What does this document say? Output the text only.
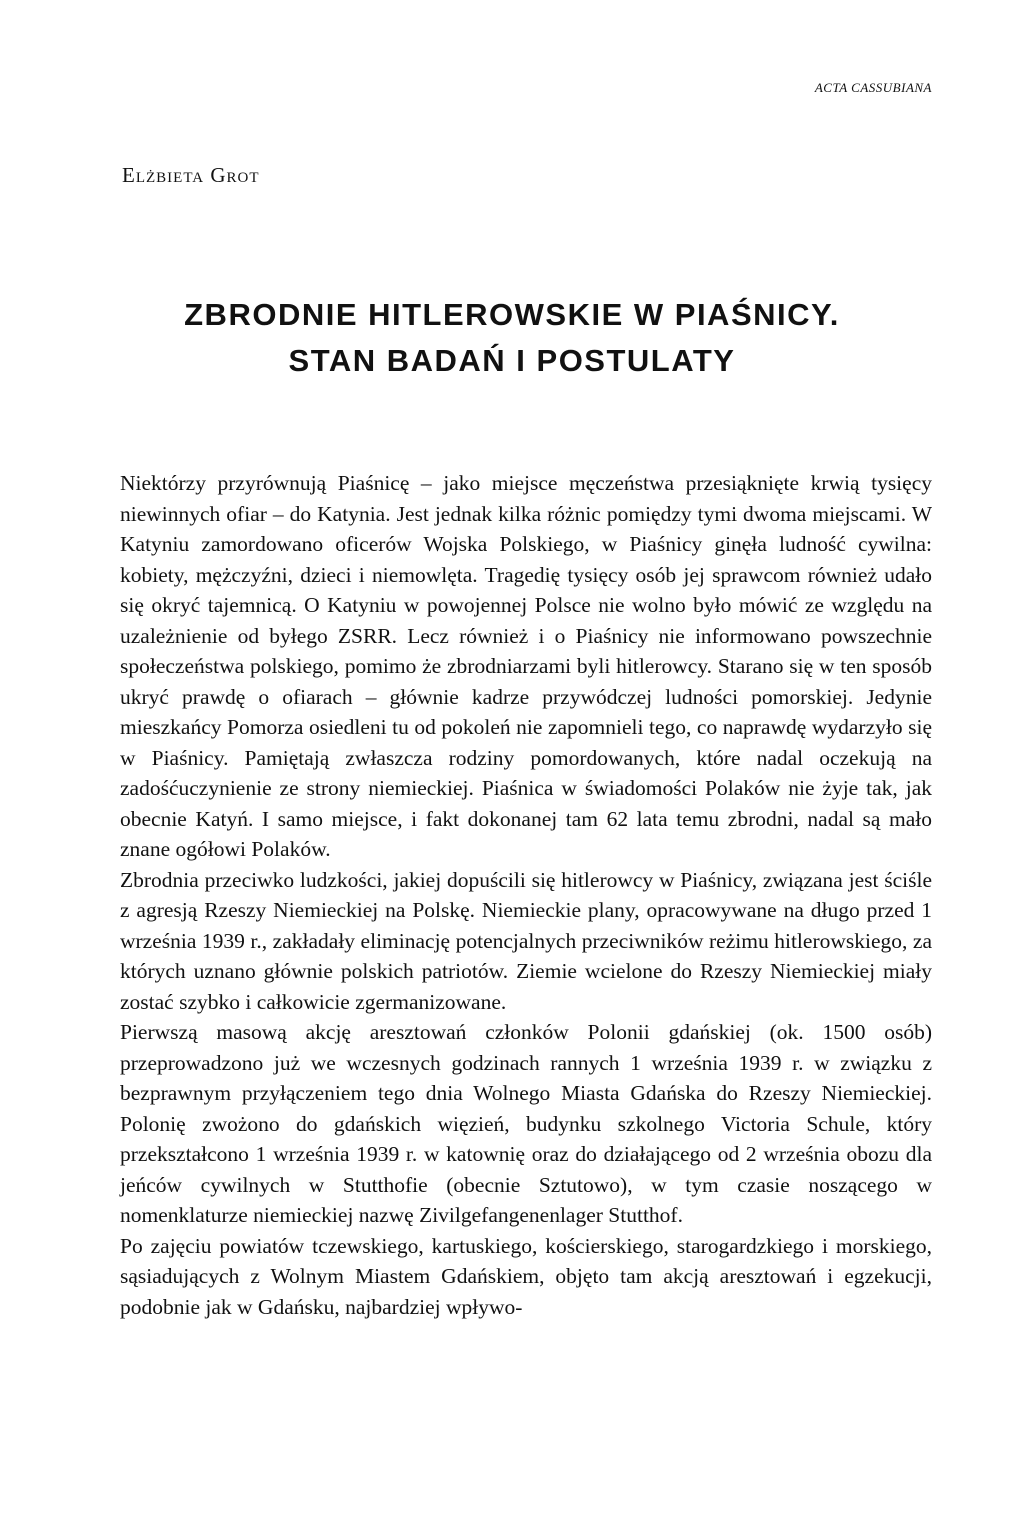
ACTA CASSUBIANA
Elżbieta Grot
ZBRODNIE HITLEROWSKIE W PIAŚNICY.
STAN BADAŃ I POSTULATY

Niektórzy przyrównują Piaśnicę – jako miejsce męczeństwa przesiąknięte krwią tysięcy niewinnych ofiar – do Katynia. Jest jednak kilka różnic pomiędzy tymi dwoma miejscami. W Katyniu zamordowano oficerów Wojska Polskiego, w Piaśnicy ginęła ludność cywilna: kobiety, mężczyźni, dzieci i niemowlęta. Tragedię tysięcy osób jej sprawcom również udało się okryć tajemnicą. O Katyniu w powojennej Polsce nie wolno było mówić ze względu na uzależnienie od byłego ZSRR. Lecz również i o Piaśnicy nie informowano powszechnie społeczeństwa polskiego, pomimo że zbrodniarzami byli hitlerowcy. Starano się w ten sposób ukryć prawdę o ofiarach – głównie kadrze przywódczej ludności pomorskiej. Jedynie mieszkańcy Pomorza osiedleni tu od pokoleń nie zapomnieli tego, co naprawdę wydarzyło się w Piaśnicy. Pamiętają zwłaszcza rodziny pomordowanych, które nadal oczekują na zadośćuczynienie ze strony niemieckiej. Piaśnica w świadomości Polaków nie żyje tak, jak obecnie Katyń. I samo miejsce, i fakt dokonanej tam 62 lata temu zbrodni, nadal są mało znane ogółowi Polaków.

Zbrodnia przeciwko ludzkości, jakiej dopuścili się hitlerowcy w Piaśnicy, związana jest ściśle z agresją Rzeszy Niemieckiej na Polskę. Niemieckie plany, opracowywane na długo przed 1 września 1939 r., zakładały eliminację potencjalnych przeciwników reżimu hitlerowskiego, za których uznano głównie polskich patriotów. Ziemie wcielone do Rzeszy Niemieckiej miały zostać szybko i całkowicie zgermanizowane.

Pierwszą masową akcję aresztowań członków Polonii gdańskiej (ok. 1500 osób) przeprowadzono już we wczesnych godzinach rannych 1 września 1939 r. w związku z bezprawnym przyłączeniem tego dnia Wolnego Miasta Gdańska do Rzeszy Niemieckiej. Polonię zwożono do gdańskich więzień, budynku szkolnego Victoria Schule, który przekształcono 1 września 1939 r. w katownię oraz do działającego od 2 września obozu dla jeńców cywilnych w Stutthofie (obecnie Sztutowo), w tym czasie noszącego w nomenklaturze niemieckiej nazwę Zivilgefangenenlager Stutthof.

Po zajęciu powiatów tczewskiego, kartuskiego, kościerskiego, starogardzkiego i morskiego, sąsiadujących z Wolnym Miastem Gdańskiem, objęto tam akcją aresztowań i egzekucji, podobnie jak w Gdańsku, najbardziej wpływo-
